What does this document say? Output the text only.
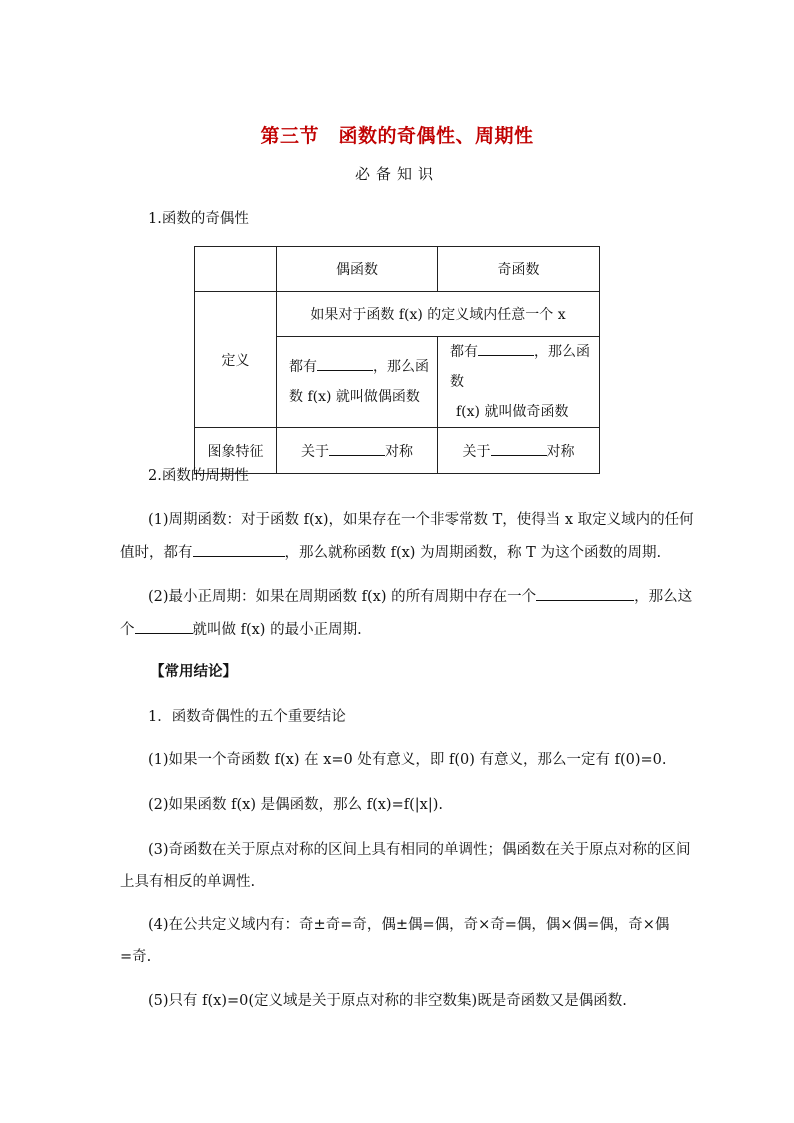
第三节　函数的奇偶性、周期性
必备知识
1.函数的奇偶性
	偶函数	奇函数
定义	如果对于函数 f(x) 的定义域内任意一个 x	

	都有 ，那么函
数 f(x) 就叫做偶函数	都有 ，那么函数
f(x) 就叫做奇函数

图象特征	关于 对称	关于 对称
2.函数的周期性
(1)周期函数：对于函数 f(x)，如果存在一个非零常数 T，使得当 x 取定义域内的任何
值时，都有	，那么就称函数 f(x) 为周期函数，称 T 为这个函数的周期.
(2)最小正周期：如果在周期函数 f(x) 的所有周期中存在一个	，那么这
个	就叫做 f(x) 的最小正周期.
【常用结论】
1．函数奇偶性的五个重要结论
(1)如果一个奇函数 f(x) 在 x=0 处有意义，即 f(0) 有意义，那么一定有 f(0)=0.
(2)如果函数 f(x) 是偶函数，那么 f(x)=f(|x|).
(3)奇函数在关于原点对称的区间上具有相同的单调性；偶函数在关于原点对称的区间
上具有相反的单调性.
(4)在公共定义域内有：奇±奇=奇，偶±偶=偶，奇×奇=偶，偶×偶=偶，奇×偶
=奇.
(5)只有 f(x)=0(定义域是关于原点对称的非空数集)既是奇函数又是偶函数.
